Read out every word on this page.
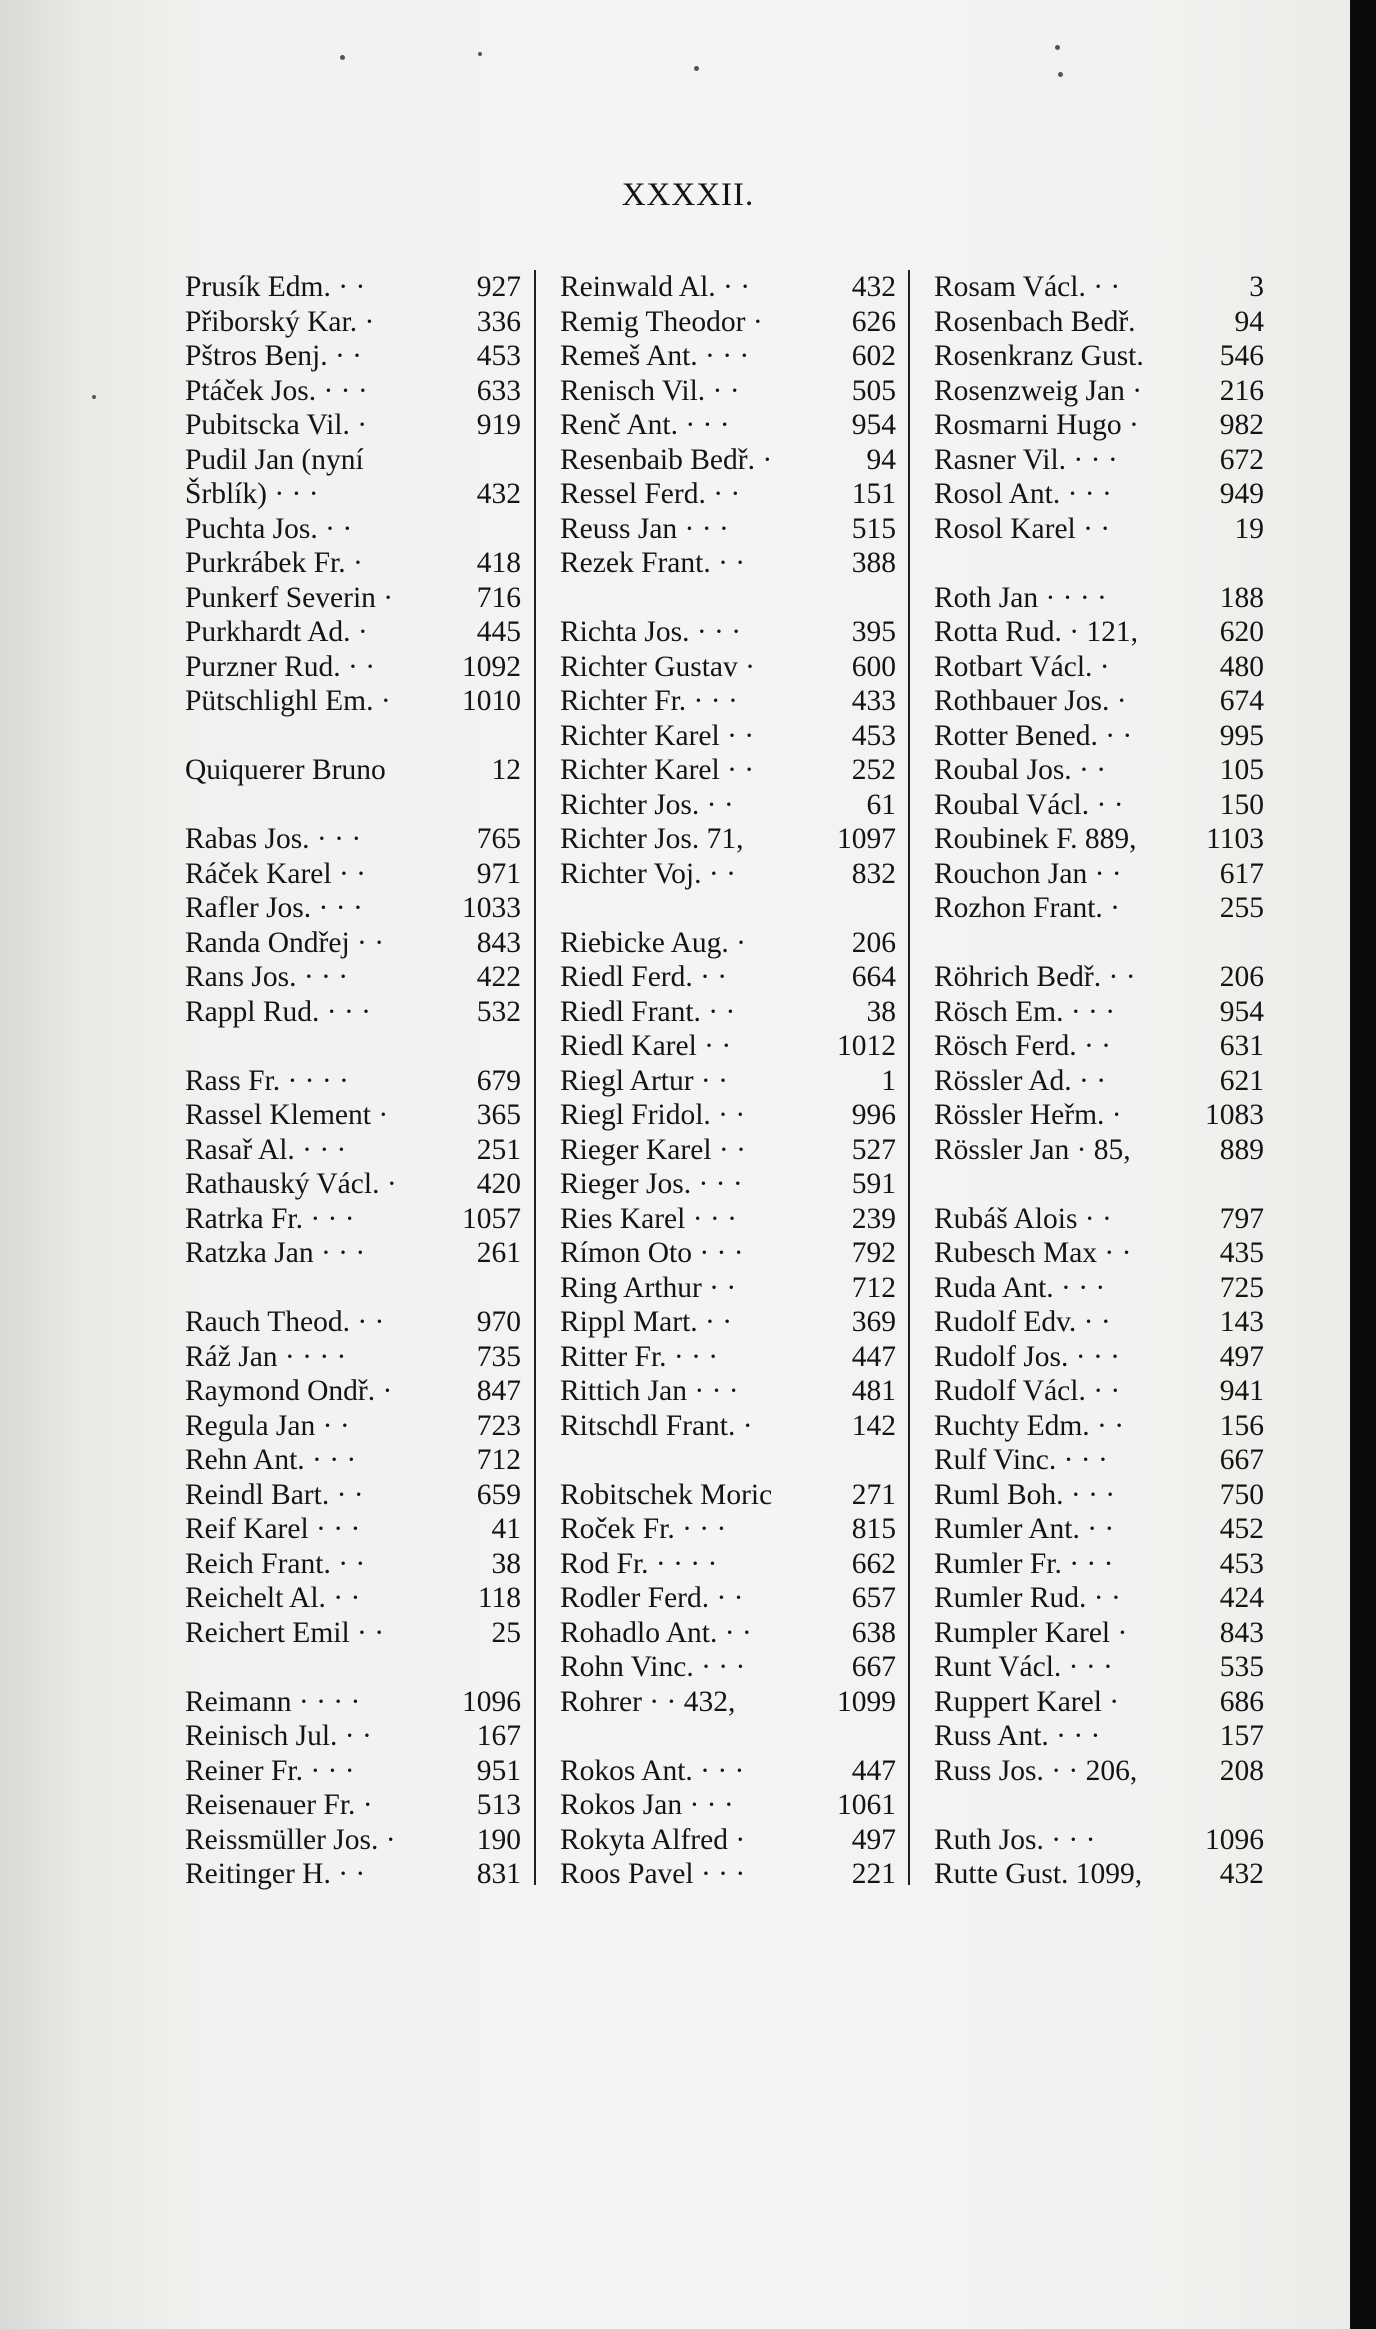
XXXXII.
Prusík Edm. · ·	927
Přiborský Kar. ·	336
Pštros Benj. · ·	453
Ptáček Jos. · · ·	633
Pubitscka Vil. ·	919
Pudil Jan (nyní
Šrblík) · · ·	432
Puchta Jos. · ·
Purkrábek Fr. ·	418
Punkerf Severin ·	716
Purkhardt Ad. ·	445
Purzner Rud. · ·	1092
Pütschlighl Em. · 1010
Quiquerer Bruno	12
Rabas Jos. · · ·	765
Ráček Karel · ·	971
Rafler Jos. · · ·	1033
Randa Ondřej · ·	843
Rans Jos. · · ·	422
Rappl Rud. · · ·	532
Rass Fr. · · · ·	679
Rassel Klement ·	365
Rasař Al. · · ·	251
Rathauský Václ. ·	420
Ratrka Fr. · · ·	1057
Ratzka Jan · · ·	261
Rauch Theod. · ·	970
Ráž Jan · · · ·	735
Raymond Ondř. ·	847
Regula Jan · ·	723
Rehn Ant. · · ·	712
Reindl Bart. · ·	659
Reif Karel · · ·	41
Reich Frant. · ·	38
Reichelt Al. · ·	118
Reichert Emil · ·	25
Reimann · · · ·	1096
Reinisch Jul. · ·	167
Reiner Fr. · · ·	951
Reisenauer Fr. ·	513
Reissmüller Jos. ·	190
Reitinger H. · ·	831
Reinwald Al. · ·	432
Remig Theodor ·	626
Remeš Ant. · · ·	602
Renisch Vil. · ·	505
Renč Ant. · · ·	954
Resenbaib Bedř. ·	94
Ressel Ferd. · ·	151
Reuss Jan · · ·	515
Rezek Frant. · ·	388
Richta Jos. · · ·	395
Richter Gustav ·	600
Richter Fr. · · ·	433
Richter Karel · ·	453
Richter Karel · ·	252
Richter Jos. · ·	61
Richter Jos. 71,	1097
Richter Voj. · ·	832
Riebicke Aug. ·	206
Riedl Ferd. · ·	664
Riedl Frant. · ·	38
Riedl Karel · ·	1012
Riegl Artur · ·	1
Riegl Fridol. · ·	996
Rieger Karel · ·	527
Rieger Jos. · · ·	591
Ries Karel · · ·	239
Rímon Oto · · ·	792
Ring Arthur · ·	712
Rippl Mart. · ·	369
Ritter Fr. · · ·	447
Rittich Jan · · ·	481
Ritschdl Frant. ·	142
Robitschek Moric	271
Roček Fr. · · ·	815
Rod Fr. · · · ·	662
Rodler Ferd. · ·	657
Rohadlo Ant. · ·	638
Rohn Vinc. · · ·	667
Rohrer · · 432,	1099
Rokos Ant. · · ·	447
Rokos Jan · · ·	1061
Rokyta Alfred ·	497
Roos Pavel · · ·	221
Rosam Václ. · ·	3
Rosenbach Bedř.	94
Rosenkranz Gust.	546
Rosenzweig Jan ·	216
Rosmarni Hugo ·	982
Rasner Vil. · · ·	672
Rosol Ant. · · ·	949
Rosol Karel · ·	19
Roth Jan · · · ·	188
Rotta Rud. · 121,	620
Rotbart Václ. ·	480
Rothbauer Jos. ·	674
Rotter Bened. · ·	995
Roubal Jos. · ·	105
Roubal Václ. · ·	150
Roubinek F. 889, 1103
Rouchon Jan · ·	617
Rozhon Frant. ·	255
Röhrich Bedř. · ·	206
Rösch Em. · · ·	954
Rösch Ferd. · ·	631
Rössler Ad. · ·	621
Rössler Heřm. ·	1083
Rössler Jan · 85,	889
Rubáš Alois · ·	797
Rubesch Max · ·	435
Ruda Ant. · · ·	725
Rudolf Edv. · ·	143
Rudolf Jos. · · ·	497
Rudolf Václ. · ·	941
Ruchty Edm. · ·	156
Rulf Vinc. · · ·	667
Ruml Boh. · · ·	750
Rumler Ant. · ·	452
Rumler Fr. · · ·	453
Rumler Rud. · ·	424
Rumpler Karel ·	843
Runt Václ. · · ·	535
Ruppert Karel ·	686
Russ Ant. · · ·	157
Russ Jos. · · 206,	208
Ruth Jos. · · ·	1096
Rutte Gust. 1099,	432
